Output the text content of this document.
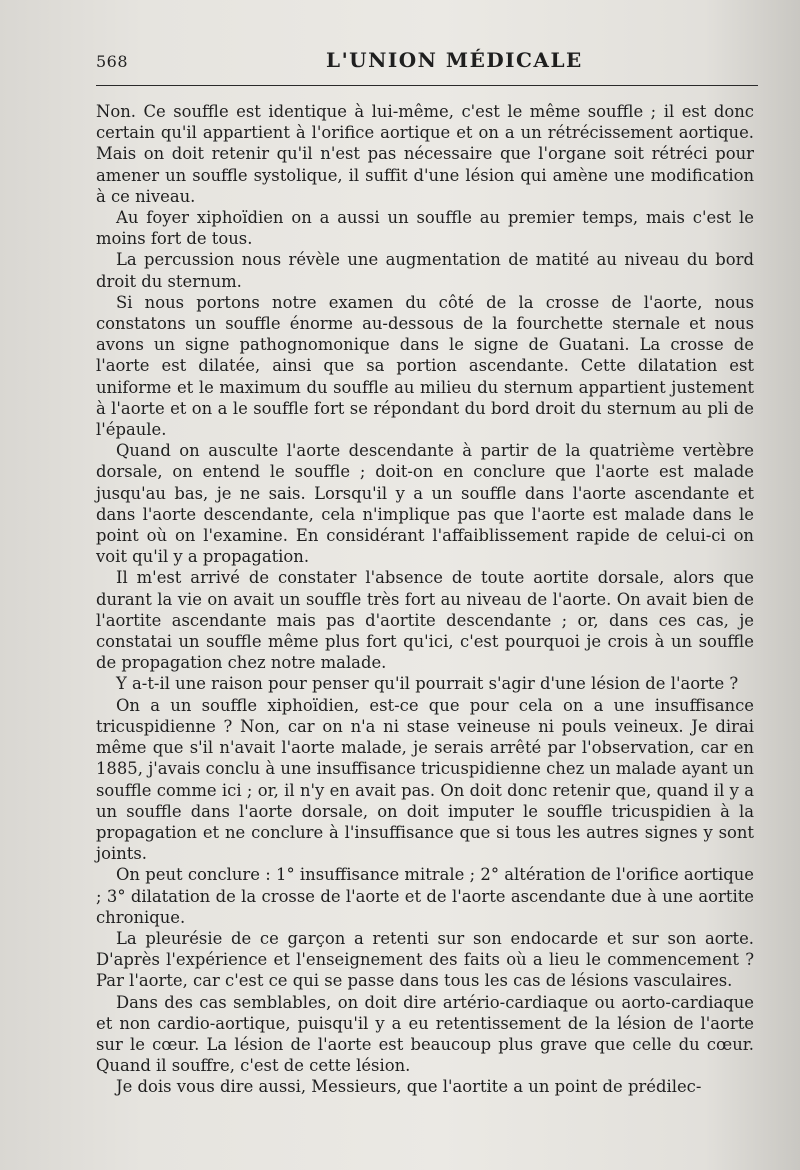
568	L'UNION MÉDICALE

Non. Ce souffle est identique à lui-même, c'est le même souffle ; il est donc certain qu'il appartient à l'orifice aortique et on a un rétrécissement aortique. Mais on doit retenir qu'il n'est pas nécessaire que l'organe soit rétréci pour amener un souffle systolique, il suffit d'une lésion qui amène une modification à ce niveau.

Au foyer xiphoïdien on a aussi un souffle au premier temps, mais c'est le moins fort de tous.

La percussion nous révèle une augmentation de matité au niveau du bord droit du sternum.

Si nous portons notre examen du côté de la crosse de l'aorte, nous constatons un souffle énorme au-dessous de la fourchette sternale et nous avons un signe pathognomonique dans le signe de Guatani. La crosse de l'aorte est dilatée, ainsi que sa portion ascendante. Cette dilatation est uniforme et le maximum du souffle au milieu du sternum appartient justement à l'aorte et on a le souffle fort se répondant du bord droit du sternum au pli de l'épaule.

Quand on ausculte l'aorte descendante à partir de la quatrième vertèbre dorsale, on entend le souffle ; doit-on en conclure que l'aorte est malade jusqu'au bas, je ne sais. Lorsqu'il y a un souffle dans l'aorte ascendante et dans l'aorte descendante, cela n'implique pas que l'aorte est malade dans le point où on l'examine. En considérant l'affaiblissement rapide de celui-ci on voit qu'il y a propagation.

Il m'est arrivé de constater l'absence de toute aortite dorsale, alors que durant la vie on avait un souffle très fort au niveau de l'aorte. On avait bien de l'aortite ascendante mais pas d'aortite descendante ; or, dans ces cas, je constatai un souffle même plus fort qu'ici, c'est pourquoi je crois à un souffle de propagation chez notre malade.

Y a-t-il une raison pour penser qu'il pourrait s'agir d'une lésion de l'aorte ?

On a un souffle xiphoïdien, est-ce que pour cela on a une insuffisance tricuspidienne ? Non, car on n'a ni stase veineuse ni pouls veineux. Je dirai même que s'il n'avait l'aorte malade, je serais arrêté par l'observation, car en 1885, j'avais conclu à une insuffisance tricuspidienne chez un malade ayant un souffle comme ici ; or, il n'y en avait pas. On doit donc retenir que, quand il y a un souffle dans l'aorte dorsale, on doit imputer le souffle tricuspidien à la propagation et ne conclure à l'insuffisance que si tous les autres signes y sont joints.

On peut conclure : 1° insuffisance mitrale ; 2° altération de l'orifice aortique ; 3° dilatation de la crosse de l'aorte et de l'aorte ascendante due à une aortite chronique.

La pleurésie de ce garçon a retenti sur son endocarde et sur son aorte. D'après l'expérience et l'enseignement des faits où a lieu le commencement ? Par l'aorte, car c'est ce qui se passe dans tous les cas de lésions vasculaires.

Dans des cas semblables, on doit dire artério-cardiaque ou aorto-cardiaque et non cardio-aortique, puisqu'il y a eu retentissement de la lésion de l'aorte sur le cœur. La lésion de l'aorte est beaucoup plus grave que celle du cœur. Quand il souffre, c'est de cette lésion.

Je dois vous dire aussi, Messieurs, que l'aortite a un point de prédilec-
